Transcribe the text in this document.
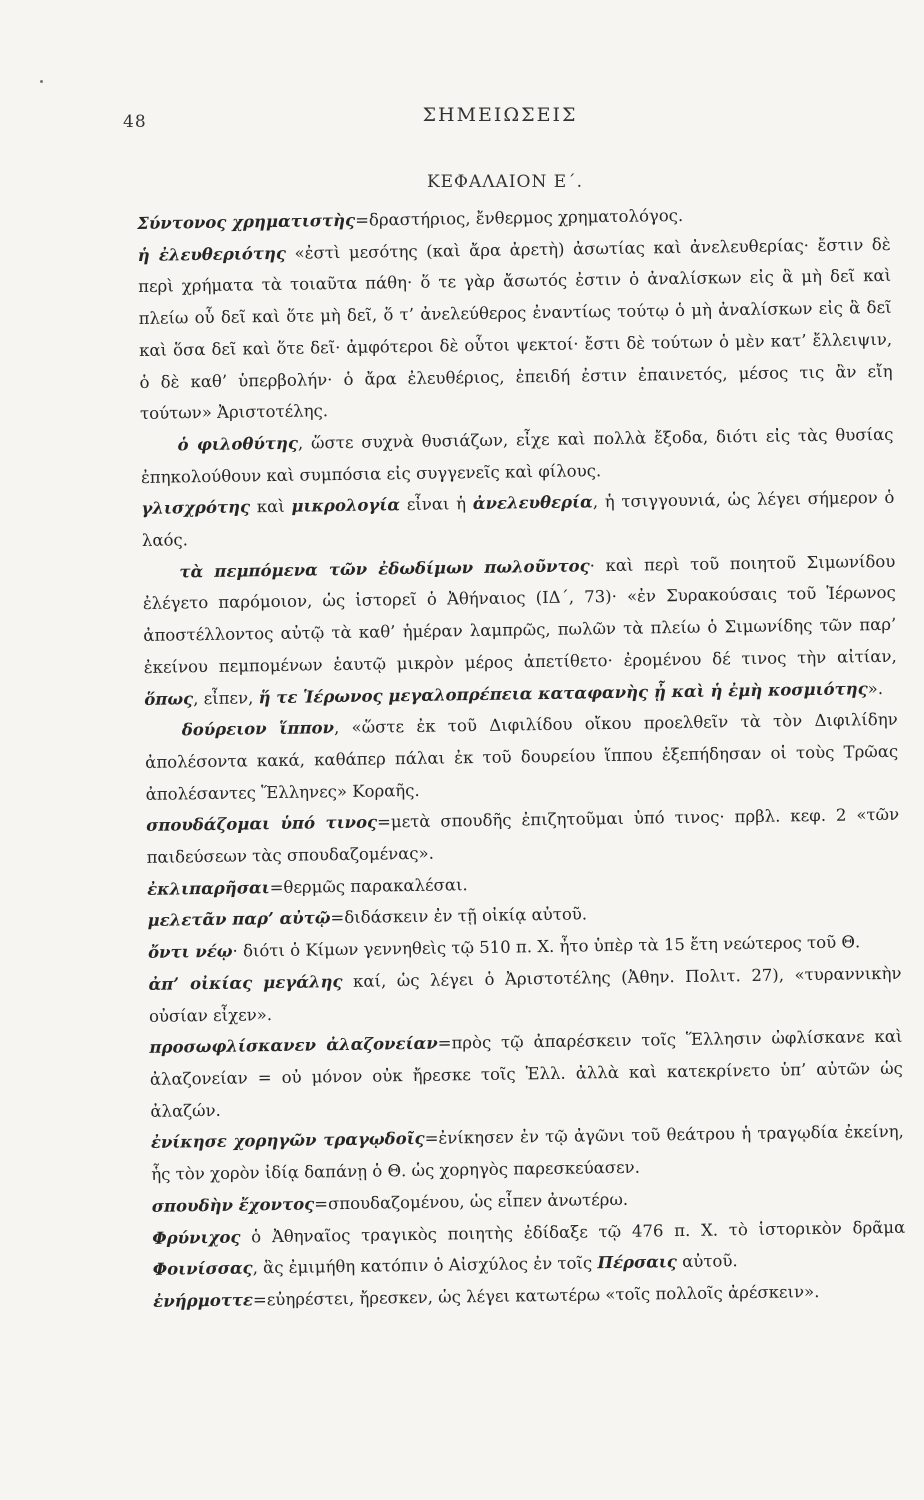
48	ΣΗΜΕΙΩΣΕΙΣ
ΚΕΦΑΛΑΙΟΝ Ε΄.

Σύντονος χρηματιστὴς=δραστήριος, ἔνθερμος χρηματολόγος.

ἡ ἐλευθεριότης «ἐστὶ μεσότης (καὶ ἄρα ἀρετὴ) ἀσωτίας καὶ ἀνελευθερίας· ἔστιν δὲ περὶ χρήματα τὰ τοιαῦτα πάθη· ὅ τε γὰρ ἄσωτός ἐστιν ὁ ἀναλίσκων εἰς ἃ μὴ δεῖ καὶ πλείω οὗ δεῖ καὶ ὅτε μὴ δεῖ, ὅ τ’ ἀνελεύθερος ἐναντίως τούτῳ ὁ μὴ ἀναλίσκων εἰς ἃ δεῖ καὶ ὅσα δεῖ καὶ ὅτε δεῖ· ἀμφότεροι δὲ οὗτοι ψεκτοί· ἔστι δὲ τούτων ὁ μὲν κατ’ ἔλλειψιν, ὁ δὲ καθ’ ὑπερβολήν· ὁ ἄρα ἐλευθέριος, ἐπειδή ἐστιν ἐπαινετός, μέσος τις ἂν εἴη τούτων» Ἀριστοτέλης.

ὁ φιλοθύτης, ὥστε συχνὰ θυσιάζων, εἶχε καὶ πολλὰ ἔξοδα, διότι εἰς τὰς θυσίας ἐπηκολούθουν καὶ συμπόσια εἰς συγγενεῖς καὶ φίλους.

γλισχρότης καὶ μικρολογία εἶναι ἡ ἀνελευθερία, ἡ τσιγγουνιά, ὡς λέγει σήμερον ὁ λαός.

τὰ πεμπόμενα τῶν ἐδωδίμων πωλοῦντος· καὶ περὶ τοῦ ποιητοῦ Σιμωνίδου ἐλέγετο παρόμοιον, ὡς ἱστορεῖ ὁ Ἀθήναιος (ΙΔ΄, 73)· «ἐν Συρακούσαις τοῦ Ἱέρωνος ἀποστέλλοντος αὐτῷ τὰ καθ’ ἡμέραν λαμπρῶς, πωλῶν τὰ πλείω ὁ Σιμωνίδης τῶν παρ’ ἐκείνου πεμπομένων ἑαυτῷ μικρὸν μέρος ἀπετίθετο· ἐρομένου δέ τινος τὴν αἰτίαν, ὅπως, εἶπεν, ἥ τε Ἱέρωνος μεγαλοπρέπεια καταφανὴς ᾖ καὶ ἡ ἐμὴ κοσμιότης».

δούρειον ἵππον, «ὥστε ἐκ τοῦ Διφιλίδου οἴκου προελθεῖν τὰ τὸν Διφιλίδην ἀπολέσοντα κακά, καθάπερ πάλαι ἐκ τοῦ δουρείου ἵππου ἐξεπήδησαν οἱ τοὺς Τρῶας ἀπολέσαντες Ἕλληνες» Κοραῆς.

σπουδάζομαι ὑπό τινος=μετὰ σπουδῆς ἐπιζητοῦμαι ὑπό τινος· πρβλ. κεφ. 2 «τῶν παιδεύσεων τὰς σπουδαζομένας».

ἐκλιπαρῆσαι=θερμῶς παρακαλέσαι.

μελετᾶν παρ’ αὐτῷ=διδάσκειν ἐν τῇ οἰκίᾳ αὐτοῦ.

ὄντι νέῳ· διότι ὁ Κίμων γεννηθεὶς τῷ 510 π. Χ. ἦτο ὑπὲρ τὰ 15 ἔτη νεώτερος τοῦ Θ.

ἀπ’ οἰκίας μεγάλης καί, ὡς λέγει ὁ Ἀριστοτέλης (Ἀθην. Πολιτ. 27), «τυραννικὴν οὐσίαν εἶχεν».

προσωφλίσκανεν ἀλαζονείαν=πρὸς τῷ ἀπαρέσκειν τοῖς Ἕλλησιν ὠφλίσκανε καὶ ἀλαζονείαν = οὐ μόνον οὐκ ἤρεσκε τοῖς Ἑλλ. ἀλλὰ καὶ κατεκρίνετο ὑπ’ αὐτῶν ὡς ἀλαζών.

ἐνίκησε χορηγῶν τραγῳδοῖς=ἐνίκησεν ἐν τῷ ἀγῶνι τοῦ θεάτρου ἡ τραγῳδία ἐκείνη, ἧς τὸν χορὸν ἰδίᾳ δαπάνῃ ὁ Θ. ὡς χορηγὸς παρεσκεύασεν.

σπουδὴν ἔχοντος=σπουδαζομένου, ὡς εἶπεν ἀνωτέρω.

Φρύνιχος ὁ Ἀθηναῖος τραγικὸς ποιητὴς ἐδίδαξε τῷ 476 π. Χ. τὸ ἱστορικὸν δρᾶμα Φοινίσσας, ἃς ἐμιμήθη κατόπιν ὁ Αἰσχύλος ἐν τοῖς Πέρσαις αὐτοῦ.

ἐνήρμοττε=εὐηρέστει, ἤρεσκεν, ὡς λέγει κατωτέρω «τοῖς πολλοῖς ἀρέσκειν».
